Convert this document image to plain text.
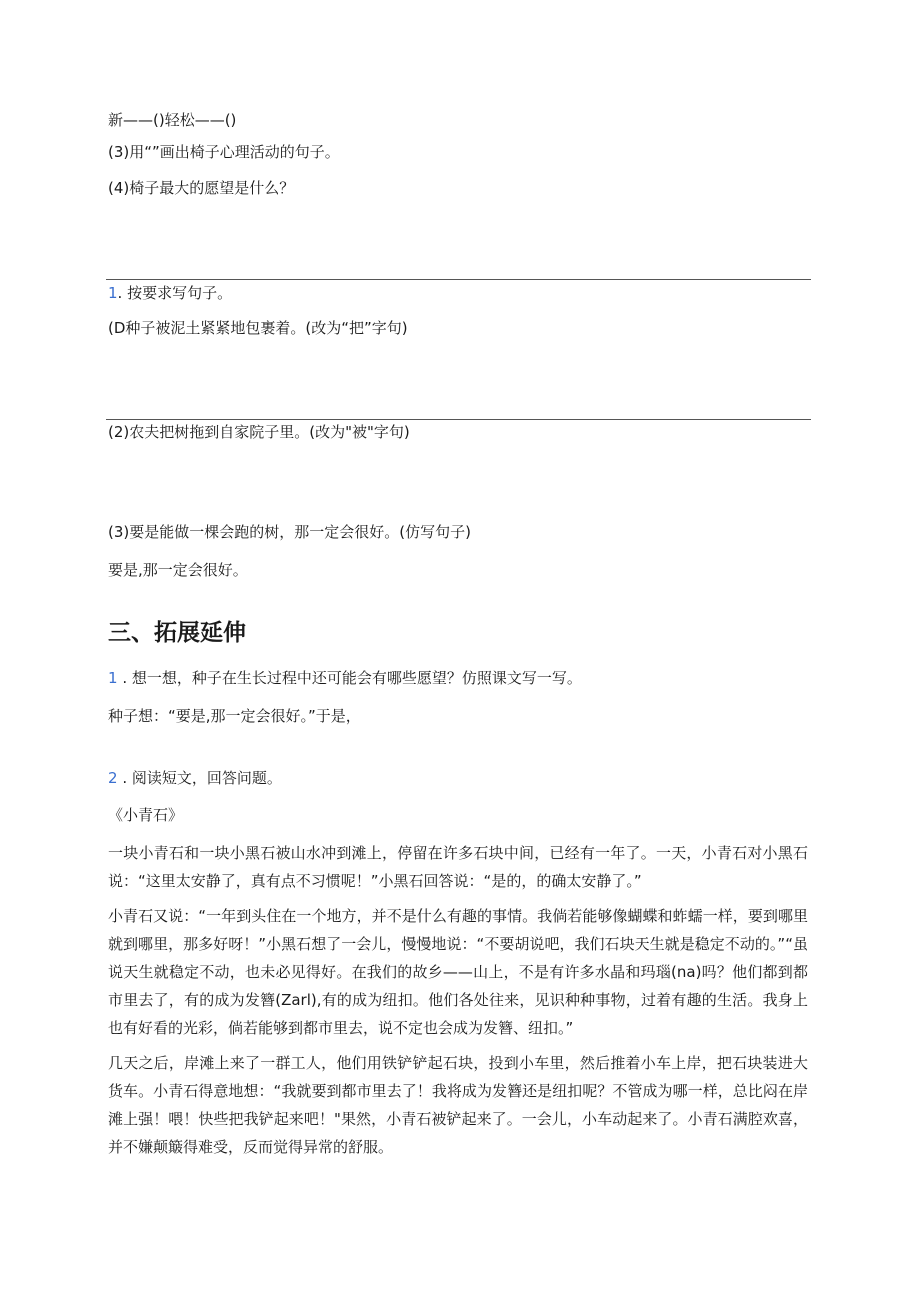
新——()轻松——()
(3)用“”画出椅子心理活动的句子。
(4)椅子最大的愿望是什么？
1. 按要求写句子。
(D种子被泥土紧紧地包裹着。(改为“把”字句)
(2)农夫把树拖到自家院子里。(改为"被"字句)
(3)要是能做一棵会跑的树，那一定会很好。(仿写句子)
要是,那一定会很好。
三、拓展延伸
1 . 想一想，种子在生长过程中还可能会有哪些愿望？仿照课文写一写。
种子想：“要是,那一定会很好。”于是，
2 . 阅读短文，回答问题。
《小青石》
一块小青石和一块小黑石被山水冲到滩上，停留在许多石块中间，已经有一年了。一天，小青石对小黑石说：“这里太安静了，真有点不习惯呢！”小黑石回答说：“是的，的确太安静了。”
小青石又说：“一年到头住在一个地方，并不是什么有趣的事情。我倘若能够像蝴蝶和蚱蠕一样，要到哪里就到哪里，那多好呀！”小黑石想了一会儿，慢慢地说：“不要胡说吧，我们石块天生就是稳定不动的。”“虽说天生就稳定不动，也未必见得好。在我们的故乡——山上，不是有许多水晶和玛瑙(na)吗？他们都到都市里去了，有的成为发簪(Zarl),有的成为纽扣。他们各处往来，见识种种事物，过着有趣的生活。我身上也有好看的光彩，倘若能够到都市里去，说不定也会成为发簪、纽扣。”
几天之后，岸滩上来了一群工人，他们用铁铲铲起石块，投到小车里，然后推着小车上岸，把石块装进大货车。小青石得意地想：“我就要到都市里去了！我将成为发簪还是纽扣呢？不管成为哪一样，总比闷在岸滩上强！喂！快些把我铲起来吧！"果然，小青石被铲起来了。一会儿，小车动起来了。小青石满腔欢喜，并不嫌颠簸得难受，反而觉得异常的舒服。
